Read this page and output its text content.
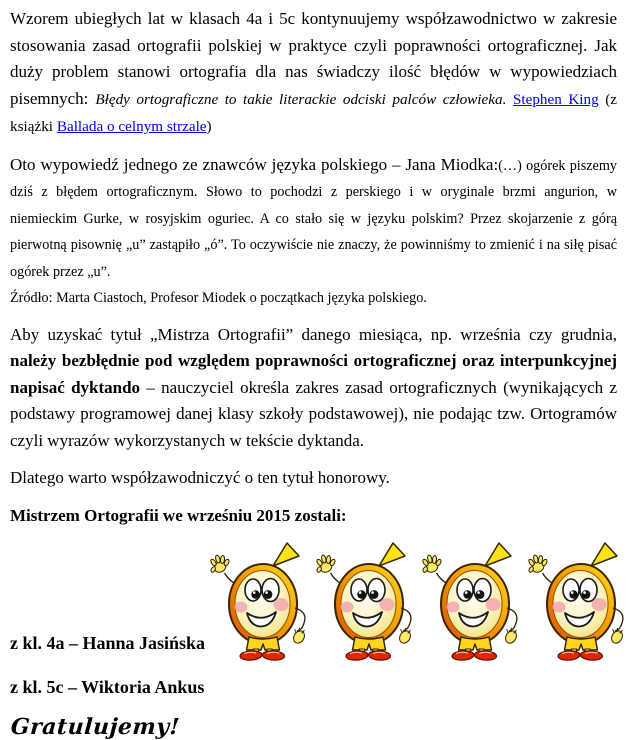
Wzorem ubiegłych lat w klasach 4a i 5c kontynuujemy współzawodnictwo w zakresie stosowania zasad ortografii polskiej w praktyce czyli poprawności ortograficznej. Jak duży problem stanowi ortografia dla nas świadczy ilość błędów w wypowiedziach pisemnych: Błędy ortograficzne to takie literackie odciski palców człowieka. Stephen King (z książki Ballada o celnym strzale)

Oto wypowiedź jednego ze znawców języka polskiego – Jana Miodka:(…) ogórek piszemy dziś z błędem ortograficznym. Słowo to pochodzi z perskiego i w oryginale brzmi angurion, w niemieckim Gurke, w rosyjskim oguriec. A co stało się w języku polskim? Przez skojarzenie z górą pierwotną pisownię „u” zastąpiło „ó”. To oczywiście nie znaczy, że powinniśmy to zmienić i na siłę pisać ogórek przez „u”.
Źródło: Marta Ciastoch, Profesor Miodek o początkach języka polskiego.

Aby uzyskać tytuł „Mistrza Ortografii” danego miesiąca, np. września czy grudnia, należy bezbłędnie pod względem poprawności ortograficznej oraz interpunkcyjnej napisać dyktando – nauczyciel określa zakres zasad ortograficznych (wynikających z podstawy programowej danej klasy szkoły podstawowej), nie podając tzw. Ortogramów czyli wyrazów wykorzystanych w tekście dyktanda.

Dlatego warto współzawodniczyć o ten tytuł honorowy.

Mistrzem Ortografii we wrześniu 2015 zostali:

z kl. 4a – Hanna Jasińska

z kl. 5c – Wiktoria Ankus

Gratulujemy!
